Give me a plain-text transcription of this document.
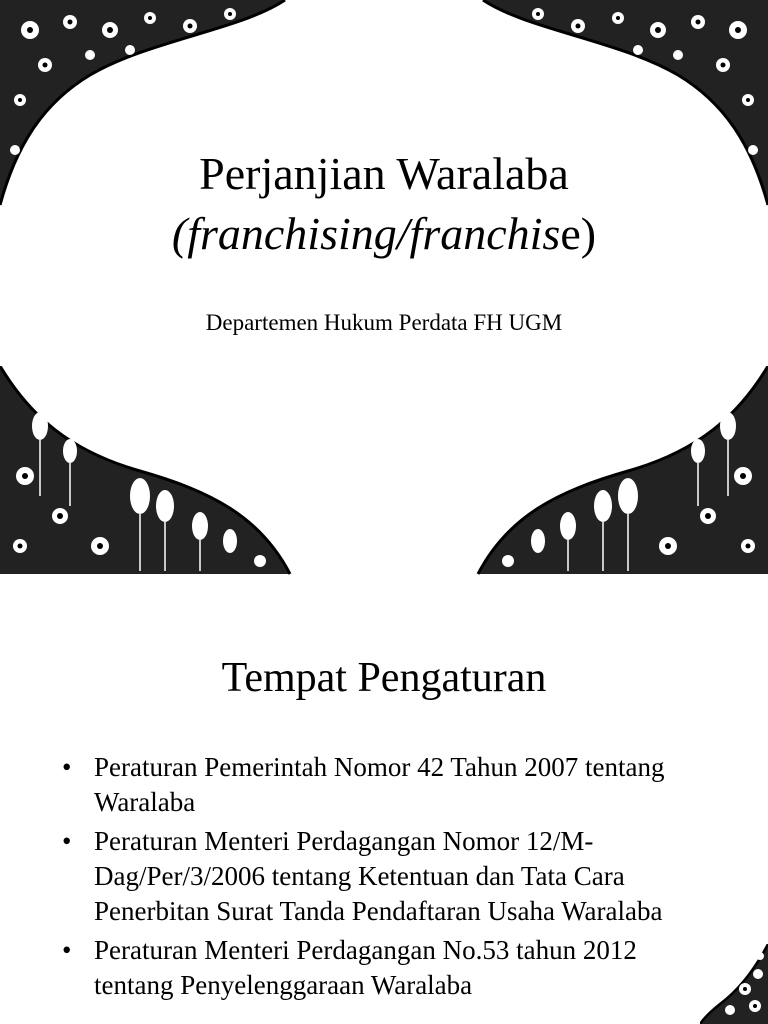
Perjanjian Waralaba
(franchising/franchise)
Departemen Hukum Perdata FH UGM
Tempat Pengaturan
• Peraturan Pemerintah Nomor 42 Tahun 2007 tentang Waralaba
• Peraturan Menteri Perdagangan Nomor 12/M-Dag/Per/3/2006 tentang Ketentuan dan Tata Cara Penerbitan Surat Tanda Pendaftaran Usaha Waralaba
• Peraturan Menteri Perdagangan No.53 tahun 2012 tentang Penyelenggaraan Waralaba
